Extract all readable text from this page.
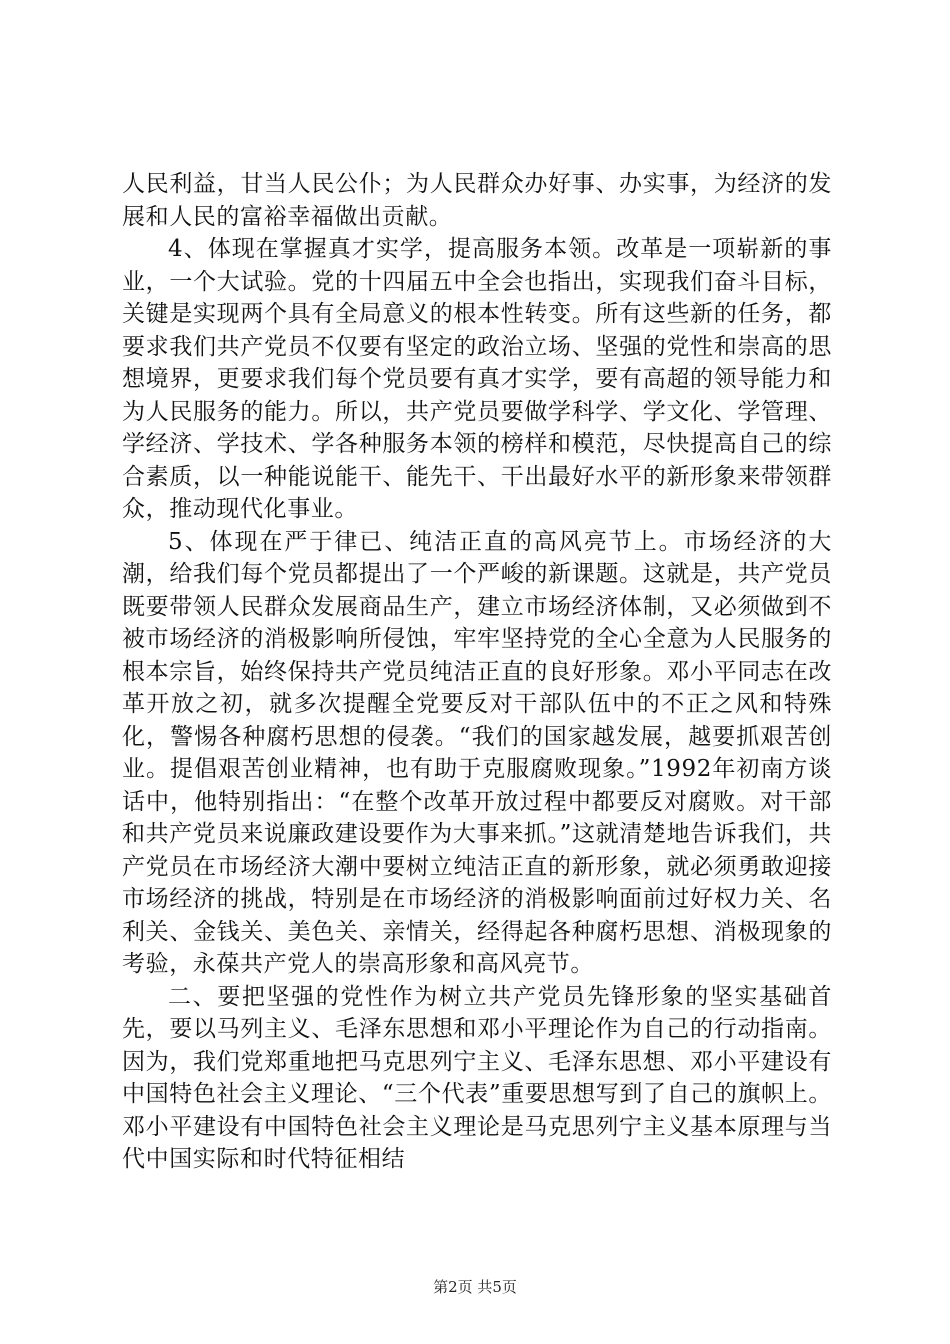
人民利益，甘当人民公仆；为人民群众办好事、办实事，为经济的发展和人民的富裕幸福做出贡献。

4、体现在掌握真才实学，提高服务本领。改革是一项崭新的事业，一个大试验。党的十四届五中全会也指出，实现我们奋斗目标，关键是实现两个具有全局意义的根本性转变。所有这些新的任务，都要求我们共产党员不仅要有坚定的政治立场、坚强的党性和崇高的思想境界，更要求我们每个党员要有真才实学，要有高超的领导能力和为人民服务的能力。所以，共产党员要做学科学、学文化、学管理、学经济、学技术、学各种服务本领的榜样和模范，尽快提高自己的综合素质，以一种能说能干、能先干、干出最好水平的新形象来带领群众，推动现代化事业。

5、体现在严于律已、纯洁正直的高风亮节上。市场经济的大潮，给我们每个党员都提出了一个严峻的新课题。这就是，共产党员既要带领人民群众发展商品生产，建立市场经济体制，又必须做到不被市场经济的消极影响所侵蚀，牢牢坚持党的全心全意为人民服务的根本宗旨，始终保持共产党员纯洁正直的良好形象。邓小平同志在改革开放之初，就多次提醒全党要反对干部队伍中的不正之风和特殊化，警惕各种腐朽思想的侵袭。“我们的国家越发展，越要抓艰苦创业。提倡艰苦创业精神，也有助于克服腐败现象。”1992年初南方谈话中，他特别指出：“在整个改革开放过程中都要反对腐败。对干部和共产党员来说廉政建设要作为大事来抓。”这就清楚地告诉我们，共产党员在市场经济大潮中要树立纯洁正直的新形象，就必须勇敢迎接市场经济的挑战，特别是在市场经济的消极影响面前过好权力关、名利关、金钱关、美色关、亲情关，经得起各种腐朽思想、消极现象的考验，永葆共产党人的崇高形象和高风亮节。

二、要把坚强的党性作为树立共产党员先锋形象的坚实基础首先，要以马列主义、毛泽东思想和邓小平理论作为自己的行动指南。因为，我们党郑重地把马克思列宁主义、毛泽东思想、邓小平建设有中国特色社会主义理论、“三个代表”重要思想写到了自己的旗帜上。邓小平建设有中国特色社会主义理论是马克思列宁主义基本原理与当代中国实际和时代特征相结

第2页 共5页
